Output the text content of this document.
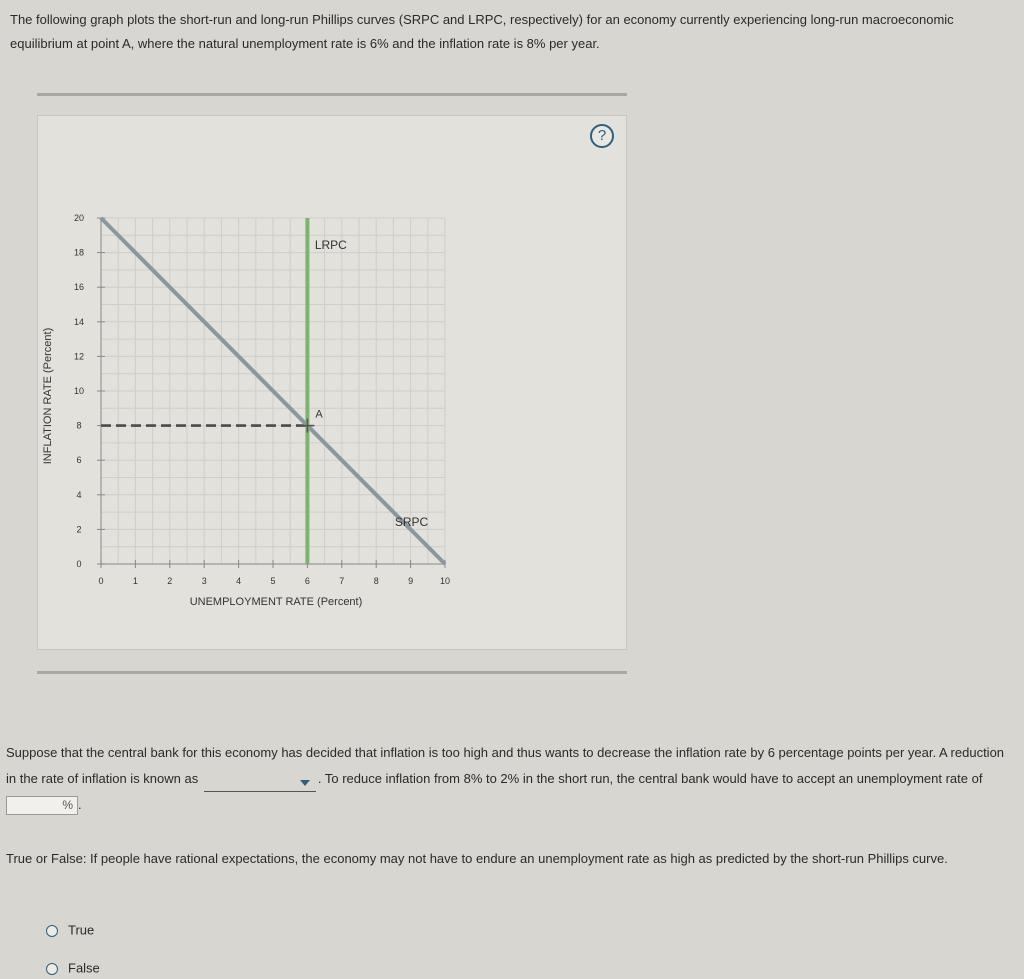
The following graph plots the short-run and long-run Phillips curves (SRPC and LRPC, respectively) for an economy currently experiencing long-run macroeconomic equilibrium at point A, where the natural unemployment rate is 6% and the inflation rate is 8% per year.
0	1	2	3	4	5	6	7	8	9	10
0
2
4
6
8
10
12
14
16
18
20
SRPC
LRPC
A
UNEMPLOYMENT RATE (Percent)
INFLATION RATE (Percent)
?
Suppose that the central bank for this economy has decided that inflation is too high and thus wants to decrease the inflation rate by 6 percentage points per year. A reduction in the rate of inflation is known as	. To reduce inflation from 8% to 2% in the short run, the central bank would have to accept an unemployment rate of
% .
True or False: If people have rational expectations, the economy may not have to endure an unemployment rate as high as predicted by the short-run Phillips curve.
True
False
